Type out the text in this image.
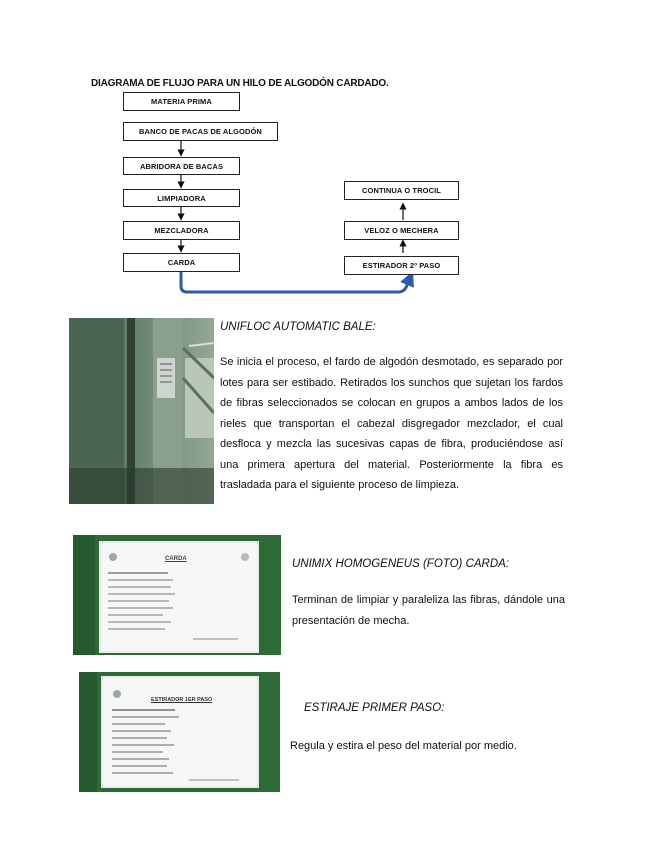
DIAGRAMA DE FLUJO PARA UN HILO DE ALGODÓN CARDADO.
MATERIA PRIMA
BANCO DE PACAS DE ALGODÓN
ABRIDORA DE BACAS
LIMPIADORA
MEZCLADORA
CARDA
CONTINUA O TROCIL
VELOZ O MECHERA
ESTIRADOR 2º PASO
UNIFLOC AUTOMATIC BALE:
Se inicia el proceso, el fardo de algodón desmotado, es separado por lotes para ser estibado. Retirados los sunchos que sujetan los fardos de fibras seleccionados se colocan en grupos a ambos lados de los rieles que transportan el cabezal disgregador mezclador, el cual desfloca y mezcla las sucesivas capas de fibra, produciéndose así una primera apertura del material. Posteriormente la fibra es trasladada para el siguiente proceso de limpieza.
CARDA	UNIMIX HOMOGENEUS (FOTO) CARDA:
Terminan de limpiar y paraleliza las fibras, dándole una presentación de mecha.
ESTIRADOR 1ER PASO
ESTIRAJE PRIMER PASO:
Regula y estira el peso del material por medio.
